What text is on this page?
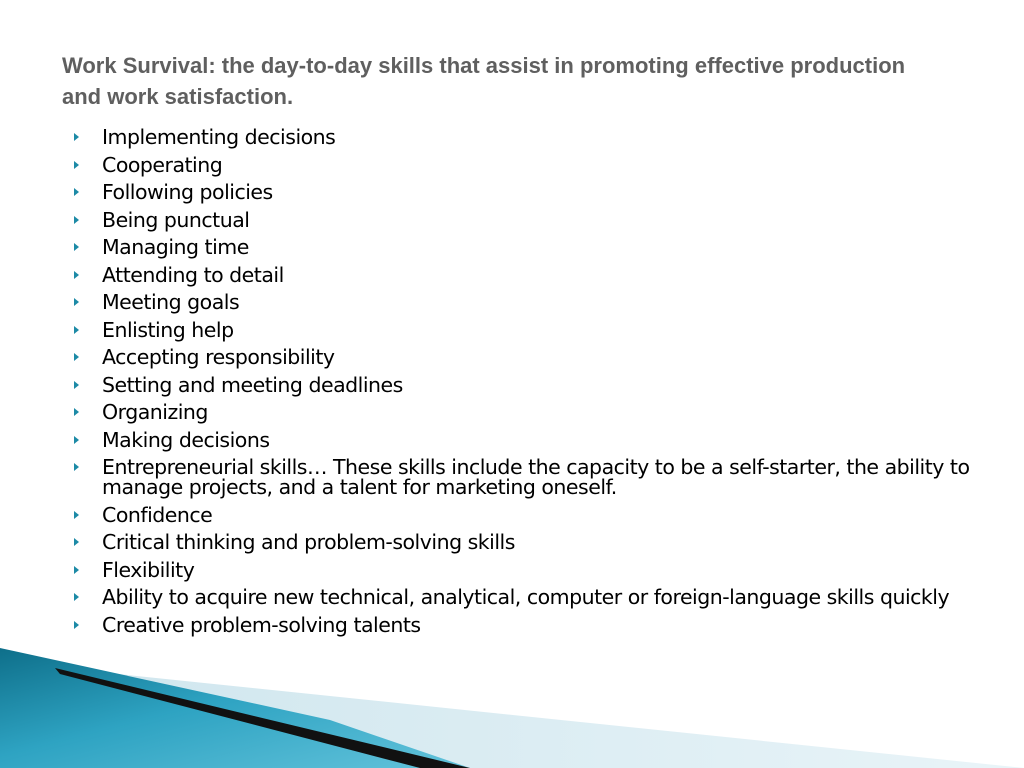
Work Survival: the day-to-day skills that assist in promoting effective production and work satisfaction.
Implementing decisions
Cooperating
Following policies
Being punctual
Managing time
Attending to detail
Meeting goals
Enlisting help
Accepting responsibility
Setting and meeting deadlines
Organizing
Making decisions
Entrepreneurial skills… These skills include the capacity to be a self-starter, the ability to manage projects, and a talent for marketing oneself.
Confidence
Critical thinking and problem-solving skills
Flexibility
Ability to acquire new technical, analytical, computer or foreign-language skills quickly
Creative problem-solving talents
